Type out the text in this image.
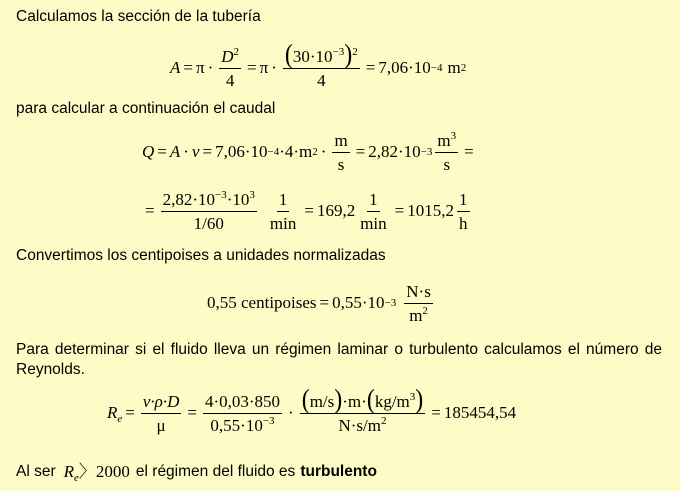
Calculamos la sección de la tubería
$A = \pi \cdot \frac{D^2}{4} = \pi \cdot \frac{(30\cdot 10^{-3})^2}{4} = 7,06\cdot 10 -4$ m 2
para calcular a continuación el caudal
Q = A · v = 7,06·10 −4 ·4·m $2 \cdot \frac{m}{s} = 2,82\cdot 10 -3 \frac{m^3}{s}$ =
= $\frac{2,82\cdot 10^{-3}\cdot 10^3}{1/60} \frac{1}{\min} = 169,2 \frac{1}{\min} = 1015,2 \frac{1}{h}$
Convertimos los centipoises a unidades normalizadas
0,55 centipoises = $0,55\cdot 10 -3 \frac{N\cdot s}{m^2}$
Para determinar si el fluido lleva un régimen laminar o turbulento calculamos el número de Reynolds.
$R_e = \frac{v\cdot\rho\cdot D}{\mu} = \frac{4\cdot 0,03\cdot 850}{0,55\cdot 10^{-3}} \cdot \frac{(m/s)\cdot m\cdot(kg/m^3)}{N\cdot s/m^2} = 185454,54$
Al ser $R_e$〉2000 el régimen del fluido es turbulento
